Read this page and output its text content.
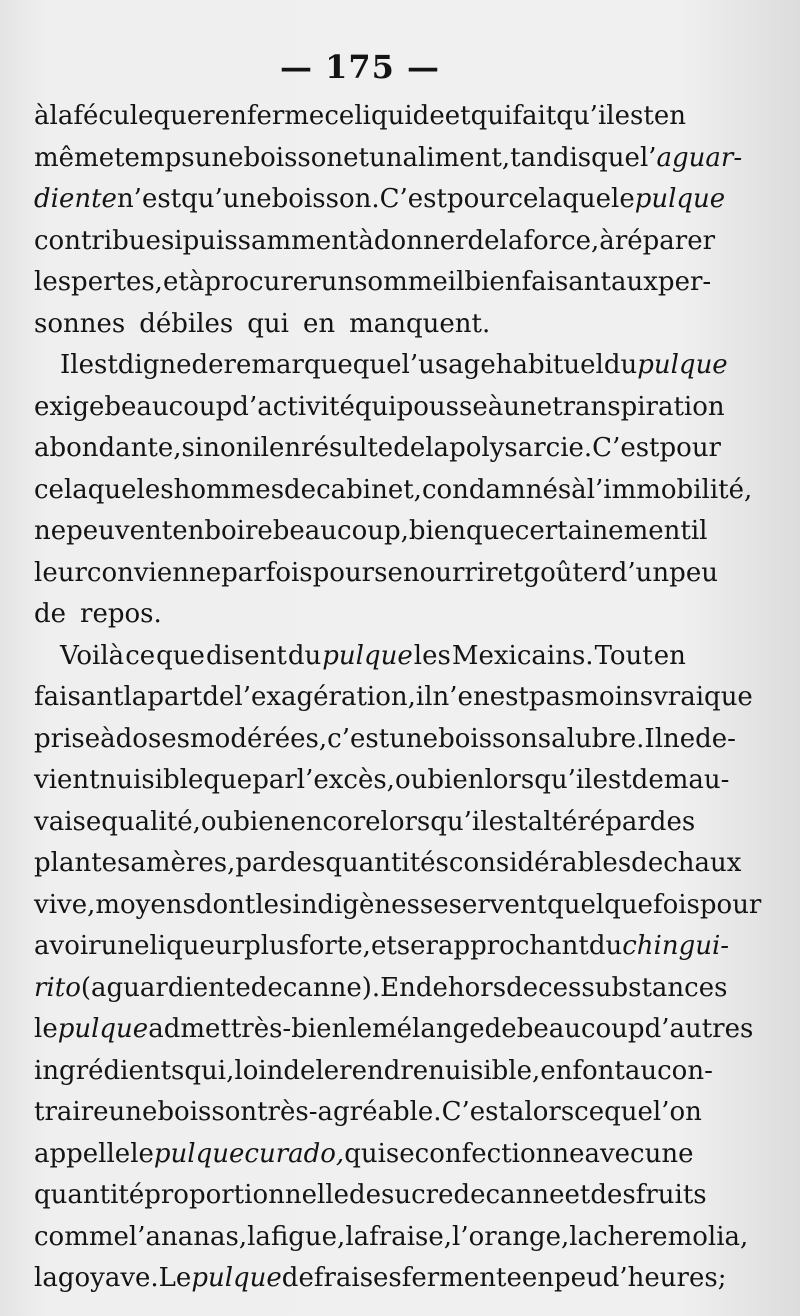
— 175 —
à la fécule que renferme ce liquide et qui fait qu’il est en
même temps une boisson et un aliment, tandis que l’aguar-
diente n’est qu’une boisson. C’est pour cela que le pulque
contribue si puissamment à donner de la force, à réparer
les pertes, et à procurer un sommeil bienfaisant aux per-
sonnes débiles qui en manquent.
Il est digne de remarque que l’usage habituel du pulque
exige beaucoup d’activité qui pousse à une transpiration
abondante, sinon il en résulte de la polysarcie. C’est pour
cela que les hommes de cabinet, condamnés à l’immobilité,
ne peuvent en boire beaucoup, bien que certainement il
leur convienne parfois pour se nourrir et goûter d’un peu
de repos.
Voilà ce que disent du pulque les Mexicains. Tout en
faisant la part de l’exagération, il n’en est pas moins vrai que
prise à doses modérées, c’est une boisson salubre. Il ne de-
vient nuisible que par l’excès, ou bien lorsqu’il est de mau-
vaise qualité, ou bien encore lorsqu’il est altéré par des
plantes amères, par des quantités considérables de chaux
vive, moyens dont les indigènes se servent quelquefois pour
avoir une liqueur plus forte, et se rapprochant du chingui-
rito (aguardiente de canne). En dehors de ces substances
le pulque admet très-bien le mélange de beaucoup d’autres
ingrédients qui, loin de le rendre nuisible, en font au con-
traire une boisson très-agréable. C’est alors ce que l’on
appelle le pulque curado, qui se confectionne avec une
quantité proportionnelle de sucre de canne et des fruits
comme l’ananas, la figue, la fraise, l’orange, la cheremolia,
la goyave. Le pulque de fraises fermente en peu d’heures;
